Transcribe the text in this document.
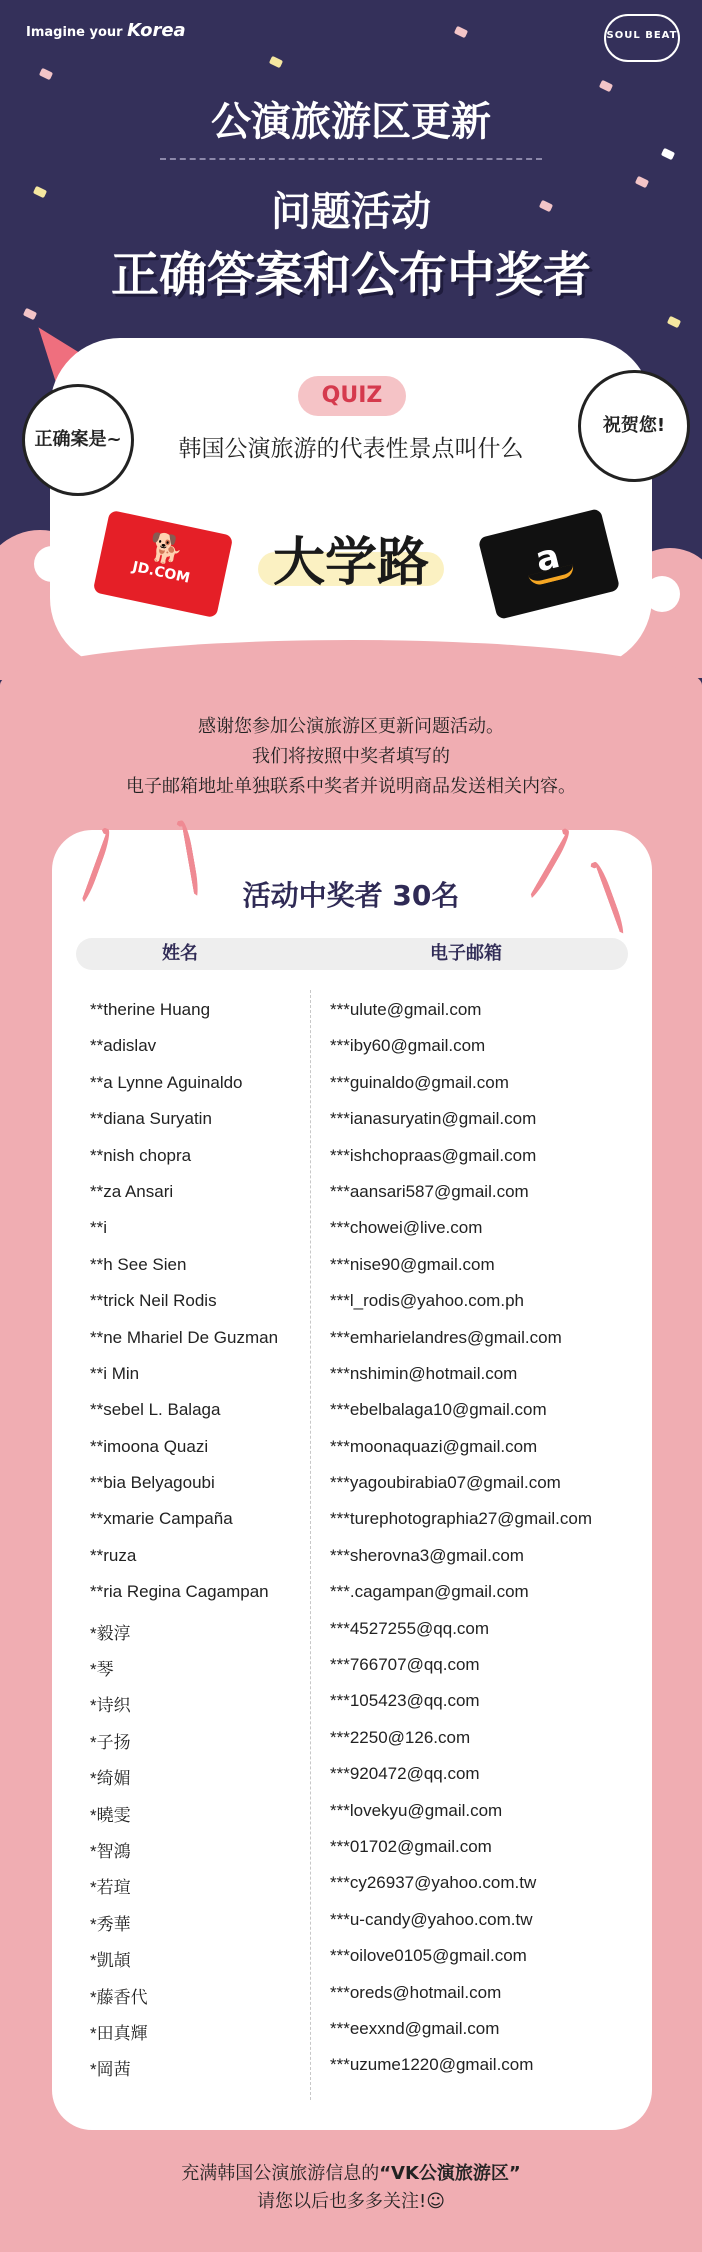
Imagine your Korea	SOUL BEAT
公演旅游区更新
问题活动
正确答案和公布中奖者
QUIZ
韩国公演旅游的代表性景点叫什么
正确案是~
祝贺您!
大学路
🐕
JD.COM	a
感谢您参加公演旅游区更新问题活动。
我们将按照中奖者填写的
电子邮箱地址单独联系中奖者并说明商品发送相关内容。
活动中奖者 30名
姓名	电子邮箱
**therine Huang	***ulute@gmail.com
**adislav	***iby60@gmail.com
**a Lynne Aguinaldo	***guinaldo@gmail.com
**diana Suryatin	***ianasuryatin@gmail.com
**nish chopra	***ishchopraas@gmail.com
**za Ansari	***aansari587@gmail.com
**i	***chowei@live.com
**h See Sien	***nise90@gmail.com
**trick Neil Rodis	***l_rodis@yahoo.com.ph
**ne Mhariel De Guzman	***emharielandres@gmail.com
**i Min	***nshimin@hotmail.com
**sebel L. Balaga	***ebelbalaga10@gmail.com
**imoona Quazi	***moonaquazi@gmail.com
**bia Belyagoubi	***yagoubirabia07@gmail.com
**xmarie Campaña	***turephotographia27@gmail.com
**ruza	***sherovna3@gmail.com
**ria Regina Cagampan	***.cagampan@gmail.com
*毅淳	***4527255@qq.com
*琴	***766707@qq.com
*诗织	***105423@qq.com
*子扬	***2250@126.com
*绮媚	***920472@qq.com
*曉雯	***lovekyu@gmail.com
*智鴻	***01702@gmail.com
*若瑄	***cy26937@yahoo.com.tw
*秀華	***u-candy@yahoo.com.tw
*凱頡	***oilove0105@gmail.com
*藤香代	***oreds@hotmail.com
*田真輝	***eexxnd@gmail.com
*岡茜	***uzume1220@gmail.com
充满韩国公演旅游信息的“VK公演旅游区”
请您以后也多多关注!☺
